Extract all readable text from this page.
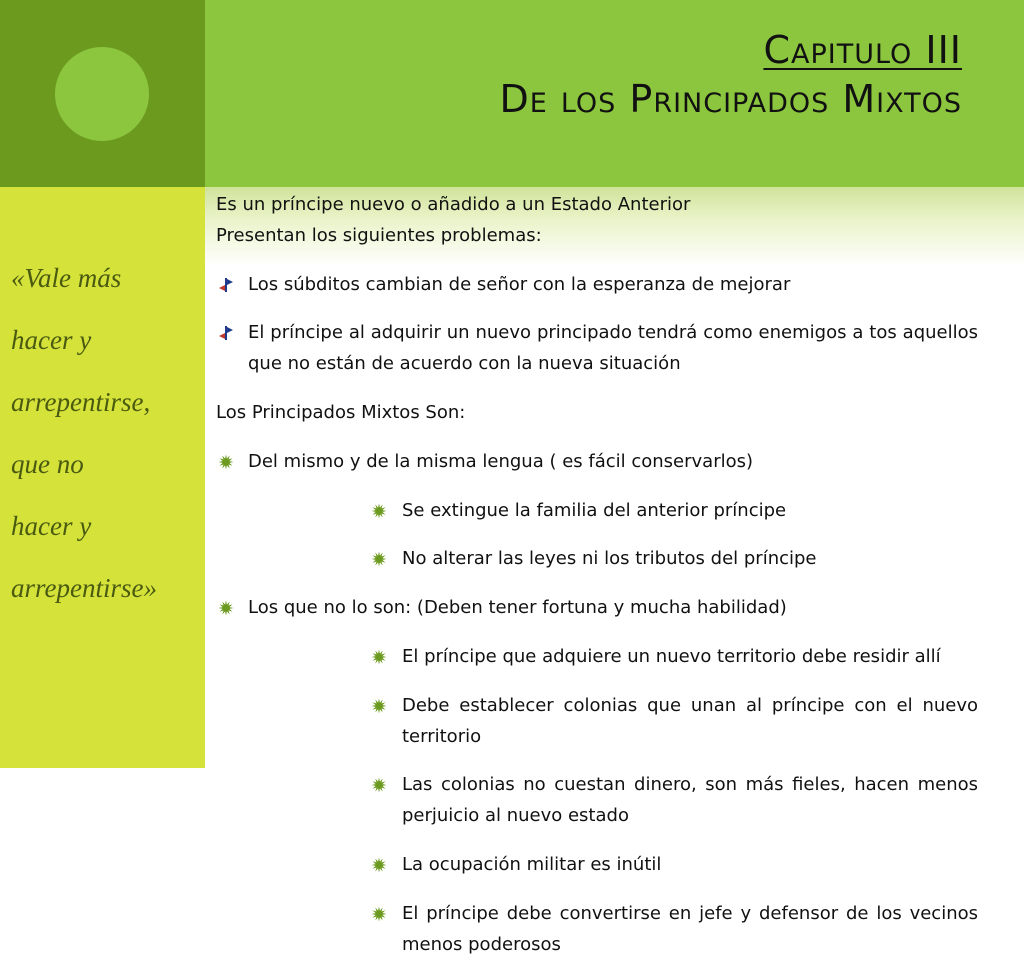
Capitulo III
De los Principados Mixtos

«Vale más
hacer y
arrepentirse,
que no
hacer y
arrepentirse»

Es un príncipe nuevo o añadido a un Estado Anterior

Presentan los siguientes problemas:

Los súbditos cambian de señor con la esperanza de mejorar

El príncipe al adquirir un nuevo principado tendrá como enemigos a tos aquellos que no están de acuerdo con la nueva situación

Los Principados Mixtos Son:

Del mismo y de la misma lengua ( es fácil conservarlos)

Se extingue la familia del anterior príncipe

No alterar las leyes ni los tributos del príncipe

Los que no lo son: (Deben tener fortuna y mucha habilidad)

El príncipe que adquiere un nuevo territorio debe residir allí

Debe establecer colonias que unan al príncipe con el nuevo territorio

Las colonias no cuestan dinero, son más fieles, hacen menos perjuicio al nuevo estado

La ocupación militar es inútil

El príncipe debe convertirse en jefe y defensor de los vecinos menos poderosos
